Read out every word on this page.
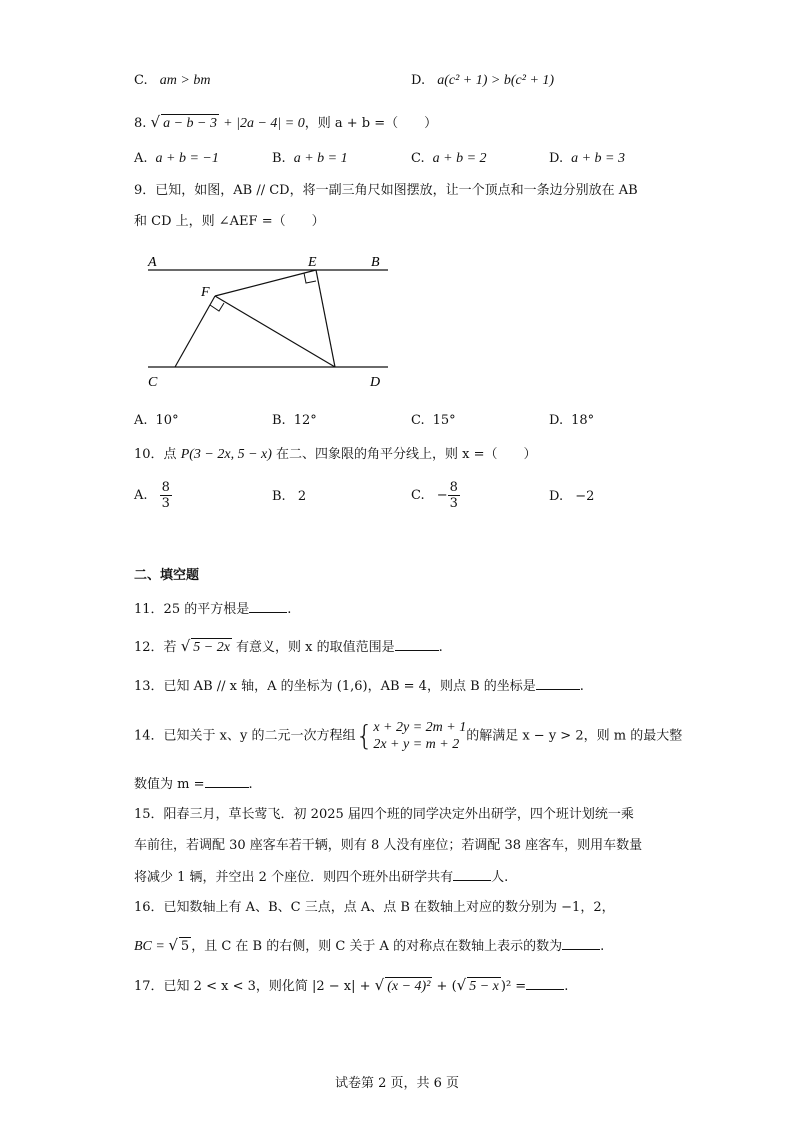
C. am > bm	D. a(c² + 1) > b(c² + 1)
8. √ a − b − 3 + |2a − 4| = 0，则 a + b =（　　）
A. a + b = −1	B. a + b = 1	C. a + b = 2	D. a + b = 3
9．已知，如图，AB // CD，将一副三角尺如图摆放，让一个顶点和一条边分别放在 AB
和 CD 上，则 ∠AEF =（　　）
A	E	B
F
C	D
A. 10°	B. 12°	C. 15°	D. 18°
10．点 P(3 − 2x, 5 − x) 在二、四象限的角平分线上，则 x =（　　）
A. $\frac{8}{3}$	B. 2	C. − $\frac{8}{3}$	D. −2
二、填空题
11．25 的平方根是	.
12．若 √ 5 − 2x 有意义，则 x 的取值范围是	.
13．已知 AB // x 轴，A 的坐标为 (1,6)，AB = 4，则点 B 的坐标是	.
14．已知关于 x、y 的二元一次方程组{ x + 2y = 2m + 1
2x + y = m + 2
的解满足 x − y > 2，则 m 的最大整
数值为 m =	.
15．阳春三月，草长莺飞．初 2025 届四个班的同学决定外出研学，四个班计划统一乘
车前往，若调配 30 座客车若干辆，则有 8 人没有座位；若调配 38 座客车，则用车数量
将减少 1 辆，并空出 2 个座位．则四个班外出研学共有	人.
16．已知数轴上有 A、B、C 三点，点 A、点 B 在数轴上对应的数分别为 −1，2，
BC = √ 5 ，且 C 在 B 的右侧，则 C 关于 A 的对称点在数轴上表示的数为	.
17．已知 2 < x < 3，则化简 |2 − x| + √ (x − 4)² + (√ 5 − x )² =	.
试卷第 2 页，共 6 页
